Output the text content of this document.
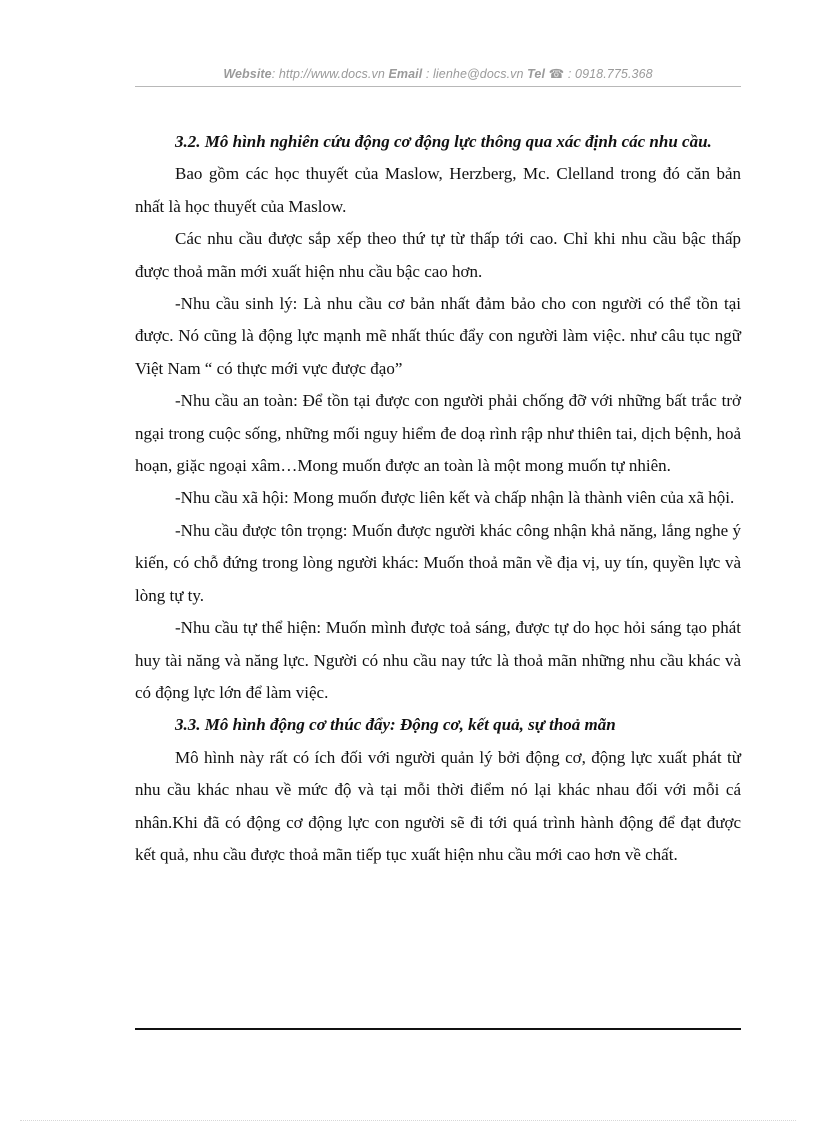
Website: http://www.docs.vn Email : lienhe@docs.vn Tel ☎ : 0918.775.368
3.2. Mô hình nghiên cứu động cơ động lực thông qua xác định các nhu cầu.

Bao gồm các học thuyết của Maslow, Herzberg, Mc. Clelland trong đó căn bản nhất là học thuyết của Maslow.

Các nhu cầu được sắp xếp theo thứ tự từ thấp tới cao. Chỉ khi nhu cầu bậc thấp được thoả mãn mới xuất hiện nhu cầu bậc cao hơn.

-Nhu cầu sinh lý: Là nhu cầu cơ bản nhất đảm bảo cho con người có thể tồn tại được. Nó cũng là động lực mạnh mẽ nhất thúc đẩy con người làm việc. như câu tục ngữ Việt Nam “ có thực mới vực được đạo”

-Nhu cầu an toàn: Để tồn tại được con người phải chống đỡ với những bất trắc trở ngại trong cuộc sống, những mối nguy hiểm đe doạ rình rập như thiên tai, dịch bệnh, hoả hoạn, giặc ngoại xâm…Mong muốn được an toàn là một mong muốn tự nhiên.

-Nhu cầu xã hội: Mong muốn được liên kết và chấp nhận là thành viên của xã hội.

-Nhu cầu được tôn trọng: Muốn được người khác công nhận khả năng, lắng nghe ý kiến, có chỗ đứng trong lòng người khác: Muốn thoả mãn về địa vị, uy tín, quyền lực và lòng tự ty.

-Nhu cầu tự thể hiện: Muốn mình được toả sáng, được tự do học hỏi sáng tạo phát huy tài năng và năng lực. Người có nhu cầu nay tức là thoả mãn những nhu cầu khác và có động lực lớn để làm việc.

3.3. Mô hình động cơ thúc đẩy: Động cơ, kết quả, sự thoả mãn

Mô hình này rất có ích đối với người quản lý bởi động cơ, động lực xuất phát từ nhu cầu khác nhau về mức độ và tại mỗi thời điểm nó lại khác nhau đối với mỗi cá nhân.Khi đã có động cơ động lực con người sẽ đi tới quá trình hành động để đạt được kết quả, nhu cầu được thoả mãn tiếp tục xuất hiện nhu cầu mới cao hơn về chất.
